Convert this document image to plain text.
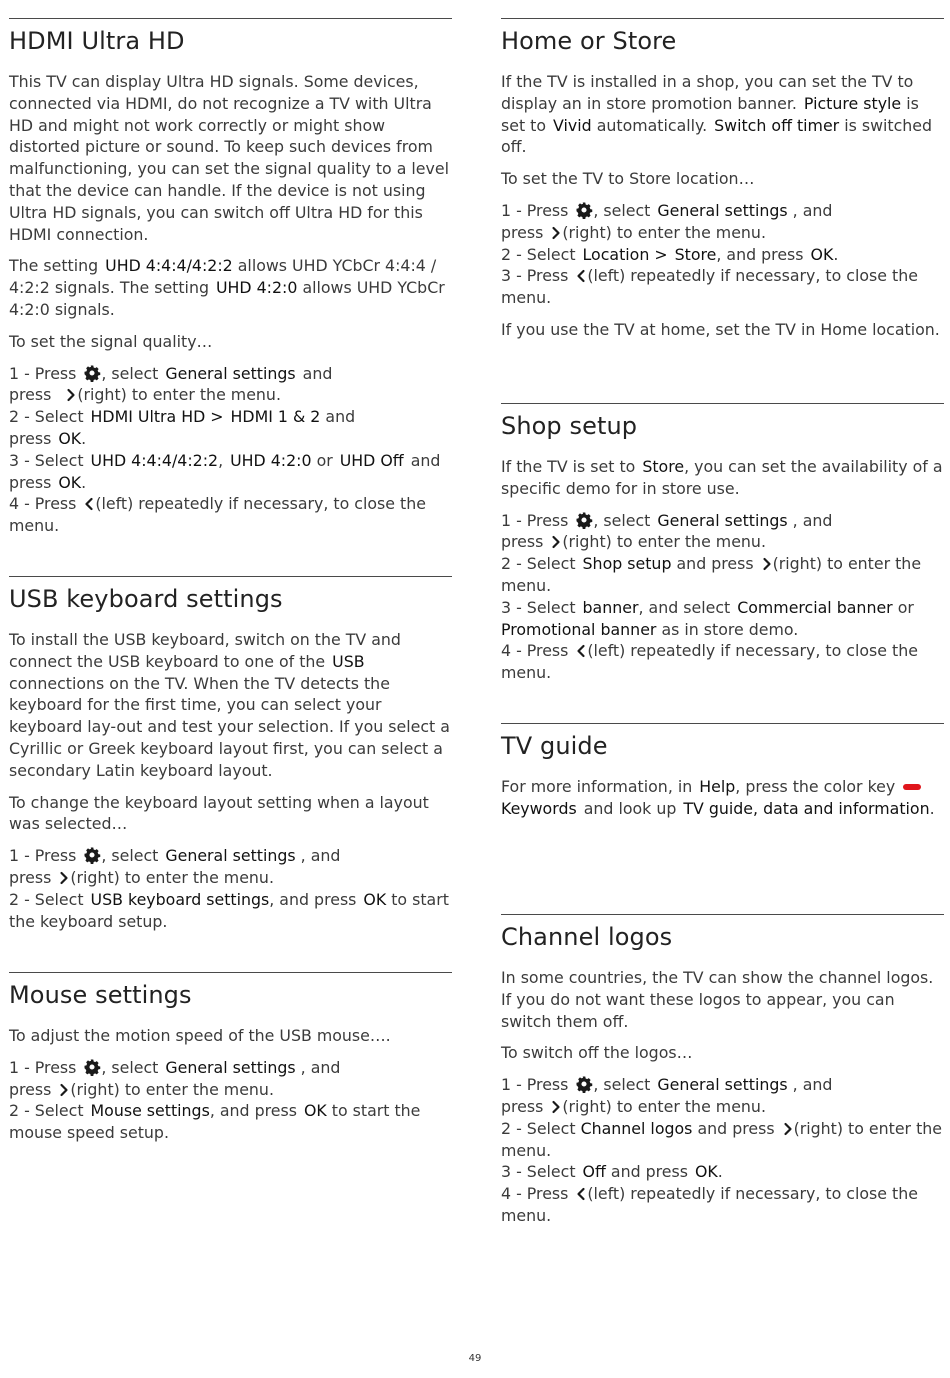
HDMI Ultra HD

This TV can display Ultra HD signals. Some devices, connected via HDMI, do not recognize a TV with Ultra HD and might not work correctly or might show distorted picture or sound. To keep such devices from malfunctioning, you can set the signal quality to a level that the device can handle. If the device is not using Ultra HD signals, you can switch off Ultra HD for this HDMI connection.

The setting UHD 4:4:4/4:2:2 allows UHD YCbCr 4:4:4 / 4:2:2 signals. The setting UHD 4:2:0 allows UHD YCbCr 4:2:0 signals.

To set the signal quality…

1 - Press , select General settings and
press (right) to enter the menu.

2 - Select HDMI Ultra HD > HDMI 1 & 2 and
press OK.

3 - Select UHD 4:4:4/4:2:2, UHD 4:2:0 or UHD Off and press OK.

4 - Press (left) repeatedly if necessary, to close the menu.

USB keyboard settings

To install the USB keyboard, switch on the TV and connect the USB keyboard to one of the USB connections on the TV. When the TV detects the keyboard for the first time, you can select your keyboard lay-out and test your selection. If you select a Cyrillic or Greek keyboard layout first, you can select a secondary Latin keyboard layout.

To change the keyboard layout setting when a layout was selected…

1 - Press , select General settings , and
press (right) to enter the menu.

2 - Select USB keyboard settings, and press OK to start the keyboard setup.

Mouse settings

To adjust the motion speed of the USB mouse….

1 - Press , select General settings , and
press (right) to enter the menu.

2 - Select Mouse settings, and press OK to start the mouse speed setup.

Home or Store

If the TV is installed in a shop, you can set the TV to display an in store promotion banner. Picture style is set to Vivid automatically. Switch off timer is switched off.

To set the TV to Store location…

1 - Press , select General settings , and
press (right) to enter the menu.

2 - Select Location > Store, and press OK.

3 - Press (left) repeatedly if necessary, to close the menu.

If you use the TV at home, set the TV in Home location.

Shop setup

If the TV is set to Store, you can set the availability of a specific demo for in store use.

1 - Press , select General settings , and
press (right) to enter the menu.

2 - Select Shop setup and press (right) to enter the menu.

3 - Select banner, and select Commercial banner orPromotional banner as in store demo.

4 - Press (left) repeatedly if necessary, to close the menu.

TV guide

For more information, in Help, press the color keyKeywords and look up TV guide, data and information.

Channel logos

In some countries, the TV can show the channel logos.
If you do not want these logos to appear, you can switch them off.

To switch off the logos…

1 - Press , select General settings , and
press (right) to enter the menu.

2 - Select Channel logos and press (right) to enter the menu.

3 - Select Off and press OK.

4 - Press (left) repeatedly if necessary, to close the menu.

49
